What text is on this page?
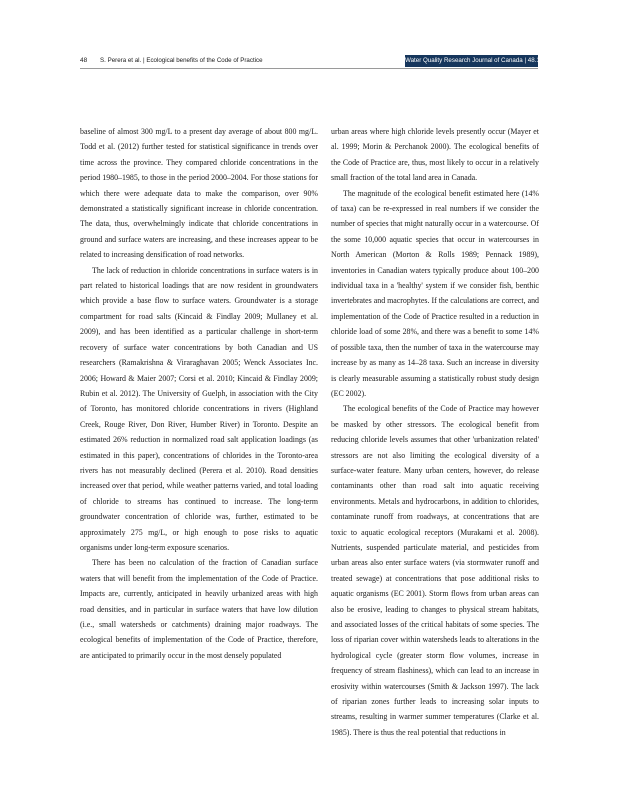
48 S. Perera et al. | Ecological benefits of the Code of Practice	Water Quality Research Journal of Canada | 48.1 | 2013

baseline of almost 300 mg/L to a present day average of about 800 mg/L. Todd et al. (2012) further tested for statistical significance in trends over time across the province. They compared chloride concentrations in the period 1980–1985, to those in the period 2000–2004. For those stations for which there were adequate data to make the comparison, over 90% demonstrated a statistically significant increase in chloride concentration. The data, thus, overwhelmingly indicate that chloride concentrations in ground and surface waters are increasing, and these increases appear to be related to increasing densification of road networks.

The lack of reduction in chloride concentrations in surface waters is in part related to historical loadings that are now resident in groundwaters which provide a base flow to surface waters. Groundwater is a storage compartment for road salts (Kincaid & Findlay 2009; Mullaney et al. 2009), and has been identified as a particular challenge in short-term recovery of surface water concentrations by both Canadian and US researchers (Ramakrishna & Viraraghavan 2005; Wenck Associates Inc. 2006; Howard & Maier 2007; Corsi et al. 2010; Kincaid & Findlay 2009; Rubin et al. 2012). The University of Guelph, in association with the City of Toronto, has monitored chloride concentrations in rivers (Highland Creek, Rouge River, Don River, Humber River) in Toronto. Despite an estimated 26% reduction in normalized road salt application loadings (as estimated in this paper), concentrations of chlorides in the Toronto-area rivers has not measurably declined (Perera et al. 2010). Road densities increased over that period, while weather patterns varied, and total loading of chloride to streams has continued to increase. The long-term groundwater concentration of chloride was, further, estimated to be approximately 275 mg/L, or high enough to pose risks to aquatic organisms under long-term exposure scenarios.

There has been no calculation of the fraction of Canadian surface waters that will benefit from the implementation of the Code of Practice. Impacts are, currently, anticipated in heavily urbanized areas with high road densities, and in particular in surface waters that have low dilution (i.e., small watersheds or catchments) draining major roadways. The ecological benefits of implementation of the Code of Practice, therefore, are anticipated to primarily occur in the most densely populated

urban areas where high chloride levels presently occur (Mayer et al. 1999; Morin & Perchanok 2000). The ecological benefits of the Code of Practice are, thus, most likely to occur in a relatively small fraction of the total land area in Canada.

The magnitude of the ecological benefit estimated here (14% of taxa) can be re-expressed in real numbers if we consider the number of species that might naturally occur in a watercourse. Of the some 10,000 aquatic species that occur in watercourses in North American (Morton & Rolls 1989; Pennack 1989), inventories in Canadian waters typically produce about 100–200 individual taxa in a 'healthy' system if we consider fish, benthic invertebrates and macrophytes. If the calculations are correct, and implementation of the Code of Practice resulted in a reduction in chloride load of some 28%, and there was a benefit to some 14% of possible taxa, then the number of taxa in the watercourse may increase by as many as 14–28 taxa. Such an increase in diversity is clearly measurable assuming a statistically robust study design (EC 2002).

The ecological benefits of the Code of Practice may however be masked by other stressors. The ecological benefit from reducing chloride levels assumes that other 'urbanization related' stressors are not also limiting the ecological diversity of a surface-water feature. Many urban centers, however, do release contaminants other than road salt into aquatic receiving environments. Metals and hydrocarbons, in addition to chlorides, contaminate runoff from roadways, at concentrations that are toxic to aquatic ecological receptors (Murakami et al. 2008). Nutrients, suspended particulate material, and pesticides from urban areas also enter surface waters (via stormwater runoff and treated sewage) at concentrations that pose additional risks to aquatic organisms (EC 2001). Storm flows from urban areas can also be erosive, leading to changes to physical stream habitats, and associated losses of the critical habitats of some species. The loss of riparian cover within watersheds leads to alterations in the hydrological cycle (greater storm flow volumes, increase in frequency of stream flashiness), which can lead to an increase in erosivity within watercourses (Smith & Jackson 1997). The lack of riparian zones further leads to increasing solar inputs to streams, resulting in warmer summer temperatures (Clarke et al. 1985). There is thus the real potential that reductions in
